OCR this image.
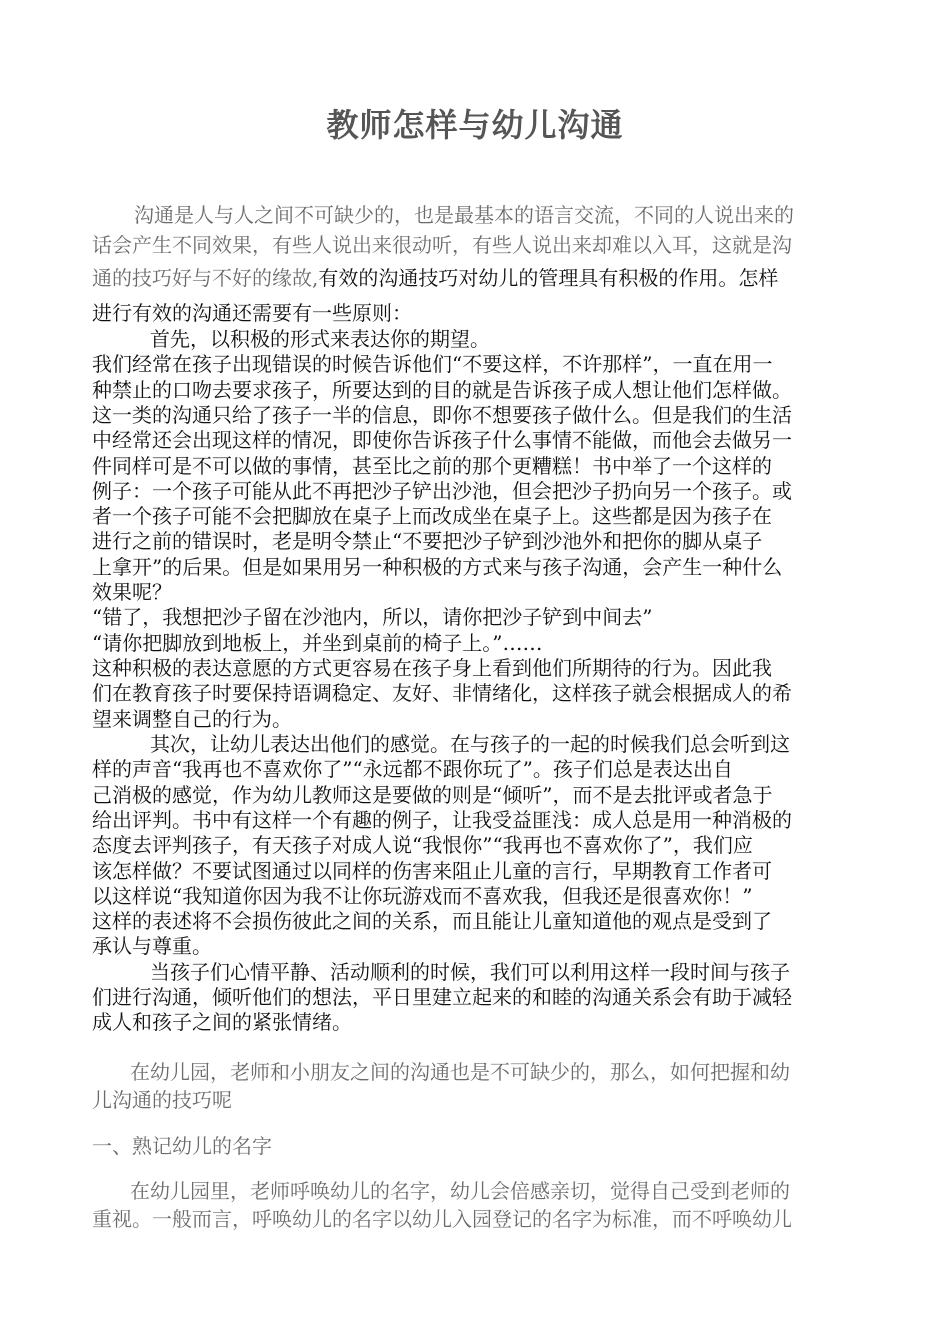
教师怎样与幼儿沟通
沟通是人与人之间不可缺少的，也是最基本的语言交流，不同的人说出来的
话会产生不同效果，有些人说出来很动听，有些人说出来却难以入耳，这就是沟
通的技巧好与不好的缘故,有效的沟通技巧对幼儿的管理具有积极的作用。怎样
进行有效的沟通还需要有一些原则：
首先，以积极的形式来表达你的期望。
我们经常在孩子出现错误的时候告诉他们“不要这样，不许那样”，一直在用一
种禁止的口吻去要求孩子，所要达到的目的就是告诉孩子成人想让他们怎样做。
这一类的沟通只给了孩子一半的信息，即你不想要孩子做什么。但是我们的生活
中经常还会出现这样的情况，即使你告诉孩子什么事情不能做，而他会去做另一
件同样可是不可以做的事情，甚至比之前的那个更糟糕！书中举了一个这样的
例子：一个孩子可能从此不再把沙子铲出沙池，但会把沙子扔向另一个孩子。或
者一个孩子可能不会把脚放在桌子上而改成坐在桌子上。这些都是因为孩子在
进行之前的错误时，老是明令禁止“不要把沙子铲到沙池外和把你的脚从桌子
上拿开”的后果。但是如果用另一种积极的方式来与孩子沟通，会产生一种什么
效果呢？
“错了，我想把沙子留在沙池内，所以，请你把沙子铲到中间去”
“请你把脚放到地板上，并坐到桌前的椅子上。”……
这种积极的表达意愿的方式更容易在孩子身上看到他们所期待的行为。因此我
们在教育孩子时要保持语调稳定、友好、非情绪化，这样孩子就会根据成人的希
望来调整自己的行为。
其次，让幼儿表达出他们的感觉。在与孩子的一起的时候我们总会听到这
样的声音“我再也不喜欢你了”“永远都不跟你玩了”。孩子们总是表达出自
己消极的感觉，作为幼儿教师这是要做的则是“倾听”，而不是去批评或者急于
给出评判。书中有这样一个有趣的例子，让我受益匪浅：成人总是用一种消极的
态度去评判孩子，有天孩子对成人说“我恨你”“我再也不喜欢你了”，我们应
该怎样做？不要试图通过以同样的伤害来阻止儿童的言行，早期教育工作者可
以这样说“我知道你因为我不让你玩游戏而不喜欢我，但我还是很喜欢你！”
这样的表述将不会损伤彼此之间的关系，而且能让儿童知道他的观点是受到了
承认与尊重。
当孩子们心情平静、活动顺利的时候，我们可以利用这样一段时间与孩子
们进行沟通，倾听他们的想法，平日里建立起来的和睦的沟通关系会有助于减轻
成人和孩子之间的紧张情绪。
在幼儿园，老师和小朋友之间的沟通也是不可缺少的，那么，如何把握和幼
儿沟通的技巧呢
一、熟记幼儿的名字
在幼儿园里，老师呼唤幼儿的名字，幼儿会倍感亲切，觉得自己受到老师的
重视。一般而言，呼唤幼儿的名字以幼儿入园登记的名字为标准，而不呼唤幼儿
